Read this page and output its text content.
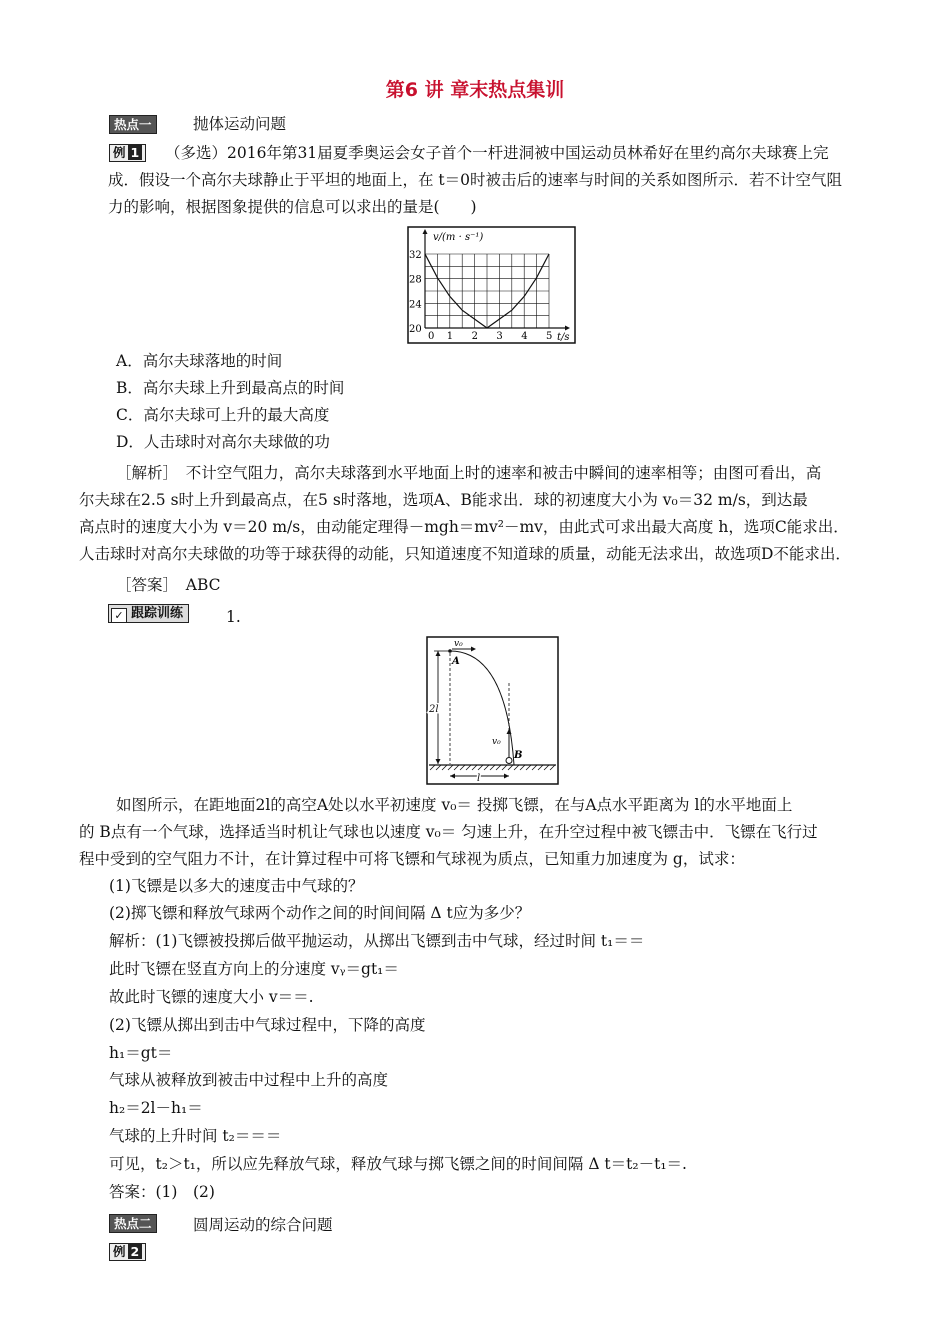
第6 讲 章末热点集训
热点一	抛体运动问题
例 1	（多选）2016年第31届夏季奥运会女子首个一杆进洞被中国运动员林希好在里约高尔夫球赛上完
成．假设一个高尔夫球静止于平坦的地面上，在 t＝0时被击后的速率与时间的关系如图所示．若不计空气阻
力的影响，根据图象提供的信息可以求出的量是(　　)
0 1 2 3 4 5
32
28
24
20
v/(m · s⁻¹)
t/s
A．高尔夫球落地的时间
B．高尔夫球上升到最高点的时间
C．高尔夫球可上升的最大高度
D．人击球时对高尔夫球做的功
［解析］　不计空气阻力，高尔夫球落到水平地面上时的速率和被击中瞬间的速率相等；由图可看出，高
尔夫球在2.5 s时上升到最高点，在5 s时落地，选项A、B能求出．球的初速度大小为 v₀＝32 m/s，到达最
高点时的速度大小为 v＝20 m/s，由动能定理得－mgh＝mv²－mv，由此式可求出最大高度 h，选项C能求出．
人击球时对高尔夫球做的功等于球获得的动能，只知道速度不知道球的质量，动能无法求出，故选项D不能求出．
［答案］　ABC
✓ 跟踪训练	1.
v₀
A
2l
v₀
B
l
如图所示，在距地面2l的高空A处以水平初速度 v₀＝ 投掷飞镖，在与A点水平距离为 l的水平地面上
的 B点有一个气球，选择适当时机让气球也以速度 v₀＝ 匀速上升，在升空过程中被飞镖击中．飞镖在飞行过
程中受到的空气阻力不计，在计算过程中可将飞镖和气球视为质点，已知重力加速度为 g，试求：
(1)飞镖是以多大的速度击中气球的？
(2)掷飞镖和释放气球两个动作之间的时间间隔 Δ t应为多少？
解析：(1)飞镖被投掷后做平抛运动，从掷出飞镖到击中气球，经过时间 t₁＝＝
此时飞镖在竖直方向上的分速度 vᵧ＝gt₁＝
故此时飞镖的速度大小 v＝＝.
(2)飞镖从掷出到击中气球过程中，下降的高度
h₁＝gt＝
气球从被释放到被击中过程中上升的高度
h₂＝2l－h₁＝
气球的上升时间 t₂＝＝＝
可见，t₂＞t₁，所以应先释放气球，释放气球与掷飞镖之间的时间间隔 Δ t＝t₂－t₁＝.
答案：(1)　(2)
热点二	圆周运动的综合问题
例 2
